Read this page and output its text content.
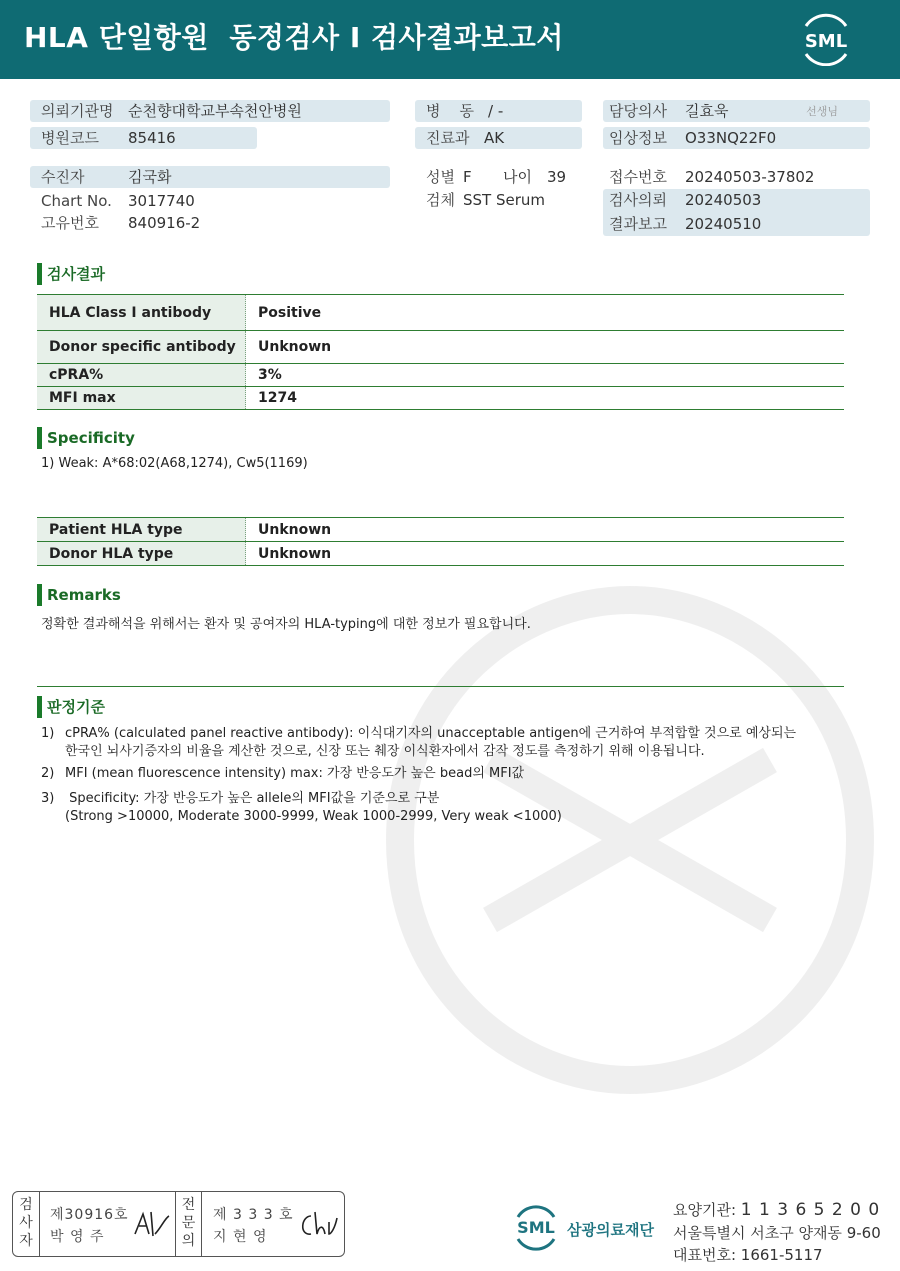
HLA 단일항원  동정검사 I 검사결과보고서	SML
의뢰기관명 순천향대학교부속천안병원
병원코드 85416
수진자	김국화
Chart No. 3017740
고유번호 840916-2
병    동 / -
진료과 AK
성별 F 나이 39
검체 SST Serum
담당의사 길효욱	선생님
임상정보 O33NQ22F0
접수번호 20240503-37802
검사의뢰 20240503
결과보고 20240510
검사결과
HLA Class I antibody	Positive
Donor specific antibody	Unknown
cPRA%	3%
MFI max	1274
Specificity
1) Weak: A*68:02(A68,1274), Cw5(1169)
Patient HLA type	Unknown
Donor HLA type	Unknown
Remarks
정확한 결과해석을 위해서는 환자 및 공여자의 HLA-typing에 대한 정보가 필요합니다.
판정기준
1) cPRA% (calculated panel reactive antibody): 이식대기자의 unacceptable antigen에 근거하여 부적합할 것으로 예상되는
한국인 뇌사기증자의 비율을 계산한 것으로, 신장 또는 췌장 이식환자에서 감작 정도를 측정하기 위해 이용됩니다.
2) MFI (mean fluorescence intensity) max: 가장 반응도가 높은 bead의 MFI값
3) Specificity: 가장 반응도가 높은 allele의 MFI값을 기준으로 구분
(Strong >10000, Moderate 3000-9999, Weak 1000-2999, Very weak <1000)
검 사 자
제30916호
박 영 주
전 문 의
제 3 3 3 호
지 현 영	SML 삼광의료재단
요양기관: 1 1 3 6 5 2 0 0
서울특별시 서초구 양재동 9-60
대표번호: 1661-5117
